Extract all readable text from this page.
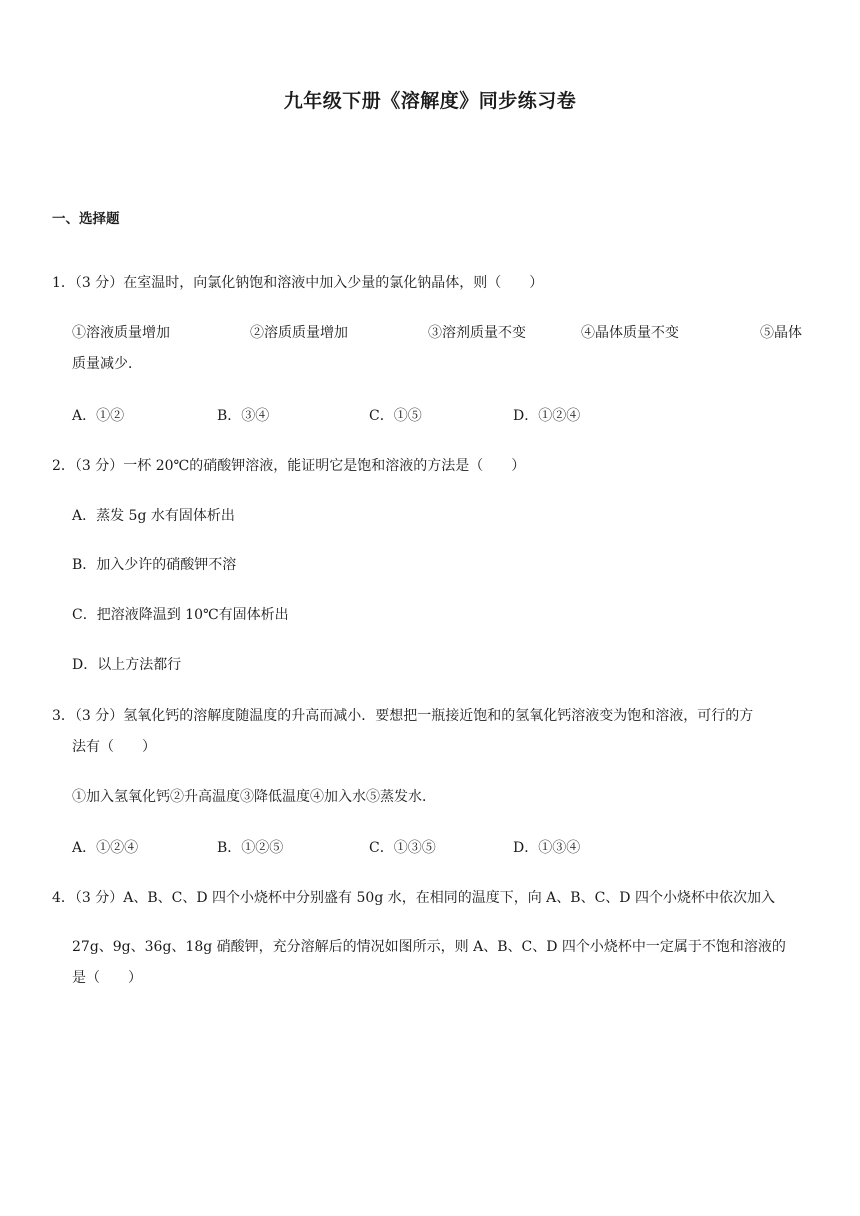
九年级下册《溶解度》同步练习卷
一、选择题
1．（3 分）在室温时，向氯化钠饱和溶液中加入少量的氯化钠晶体，则（　　）
①溶液质量增加	②溶质质量增加	③溶剂质量不变	④晶体质量不变	⑤晶体
质量减少．
A．①②	B．③④	C．①⑤	D．①②④
2．（3 分）一杯 20℃的硝酸钾溶液，能证明它是饱和溶液的方法是（　　）
A．蒸发 5g 水有固体析出
B．加入少许的硝酸钾不溶
C．把溶液降温到 10℃有固体析出
D．以上方法都行
3．（3 分）氢氧化钙的溶解度随温度的升高而减小．要想把一瓶接近饱和的氢氧化钙溶液变为饱和溶液，可行的方
法有（　　）
①加入氢氧化钙②升高温度③降低温度④加入水⑤蒸发水．
A．①②④	B．①②⑤	C．①③⑤	D．①③④
4．（3 分）A、B、C、D 四个小烧杯中分别盛有 50g 水，在相同的温度下，向 A、B、C、D 四个小烧杯中依次加入
27g、9g、36g、18g 硝酸钾，充分溶解后的情况如图所示，则 A、B、C、D 四个小烧杯中一定属于不饱和溶液的
是（　　）
